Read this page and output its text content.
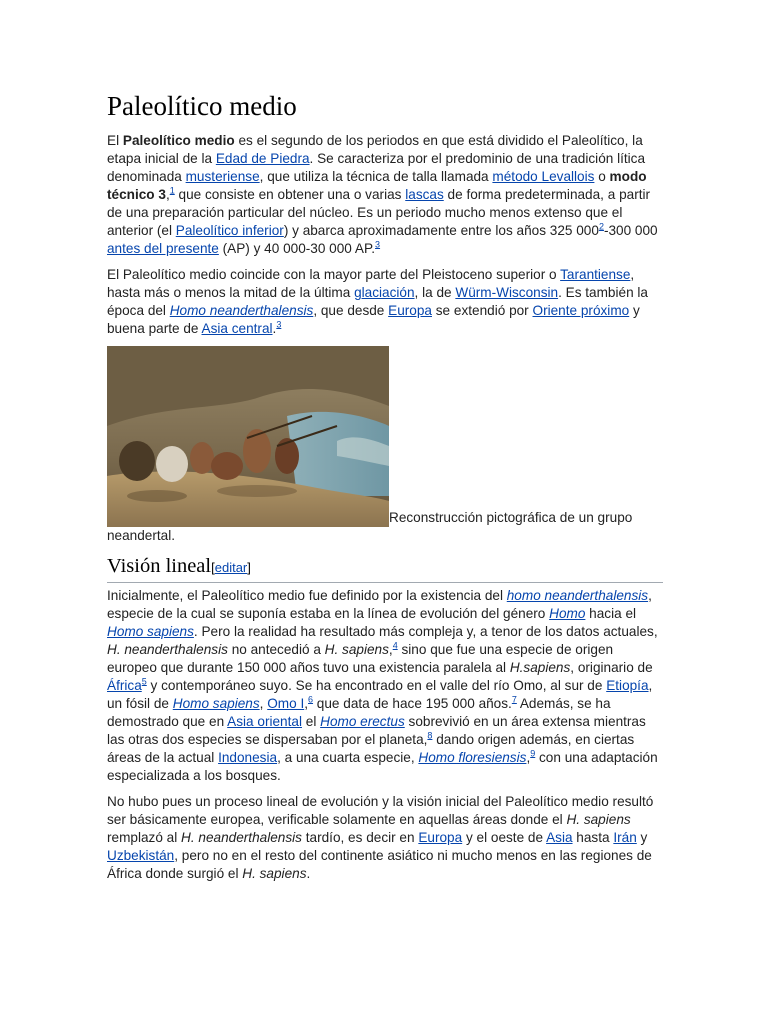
Paleolítico medio

El Paleolítico medio es el segundo de los periodos en que está dividido el Paleolítico, la etapa inicial de la Edad de Piedra. Se caracteriza por el predominio de una tradición lítica denominada musteriense, que utiliza la técnica de talla llamada método Levallois o modo técnico 3,$^1$ que consiste en obtener una o varias lascas de forma predeterminada, a partir de una preparación particular del núcleo. Es un periodo mucho menos extenso que el anterior (el Paleolítico inferior) y abarca aproximadamente entre los años 325 000$^2$-300 000 antes del presente (AP) y 40 000-30 000 AP.$^3$

El Paleolítico medio coincide con la mayor parte del Pleistoceno superior o Tarantiense, hasta más o menos la mitad de la última glaciación, la de Würm-Wisconsin. Es también la época del Homo neanderthalensis, que desde Europa se extendió por Oriente próximo y buena parte de Asia central.$^3$

Reconstrucción pictográfica de un grupo neandertal.
Visión lineal[editar]

Inicialmente, el Paleolítico medio fue definido por la existencia del homo neanderthalensis, especie de la cual se suponía estaba en la línea de evolución del género Homo hacia el Homo sapiens. Pero la realidad ha resultado más compleja y, a tenor de los datos actuales, H. neanderthalensis no antecedió a H. sapiens,$^4$ sino que fue una especie de origen europeo que durante 150 000 años tuvo una existencia paralela al H.sapiens, originario de África$^5$ y contemporáneo suyo. Se ha encontrado en el valle del río Omo, al sur de Etiopía, un fósil de Homo sapiens, Omo I,$^6$ que data de hace 195 000 años.$^7$ Además, se ha demostrado que en Asia oriental el Homo erectus sobrevivió en un área extensa mientras las otras dos especies se dispersaban por el planeta,$^8$ dando origen además, en ciertas áreas de la actual Indonesia, a una cuarta especie, Homo floresiensis,$^9$ con una adaptación especializada a los bosques.

No hubo pues un proceso lineal de evolución y la visión inicial del Paleolítico medio resultó ser básicamente europea, verificable solamente en aquellas áreas donde el H. sapiens remplazó al H. neanderthalensis tardío, es decir en Europa y el oeste de Asia hasta Irán y Uzbekistán, pero no en el resto del continente asiático ni mucho menos en las regiones de África donde surgió el H. sapiens.
